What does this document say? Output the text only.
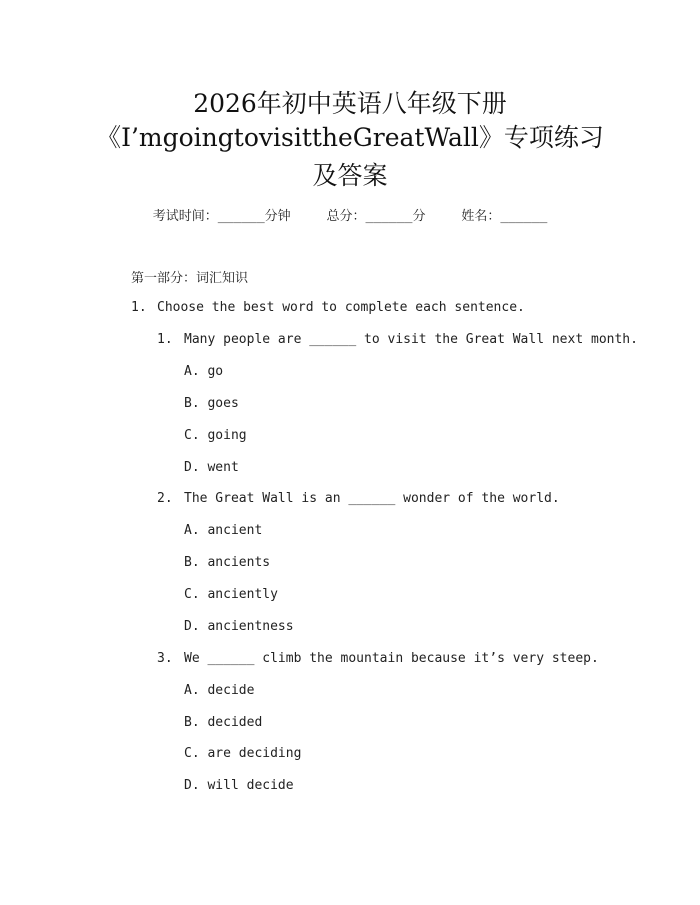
2026年初中英语八年级下册
《I’mgoingtovisittheGreatWall》专项练习
及答案
考试时间：______分钟	总分：______分	姓名：______
第一部分：词汇知识
1. Choose the best word to complete each sentence.
1. Many people are ______ to visit the Great Wall next month.
A. go
B. goes
C. going
D. went
2. The Great Wall is an ______ wonder of the world.
A. ancient
B. ancients
C. anciently
D. ancientness
3. We ______ climb the mountain because it’s very steep.
A. decide
B. decided
C. are deciding
D. will decide
